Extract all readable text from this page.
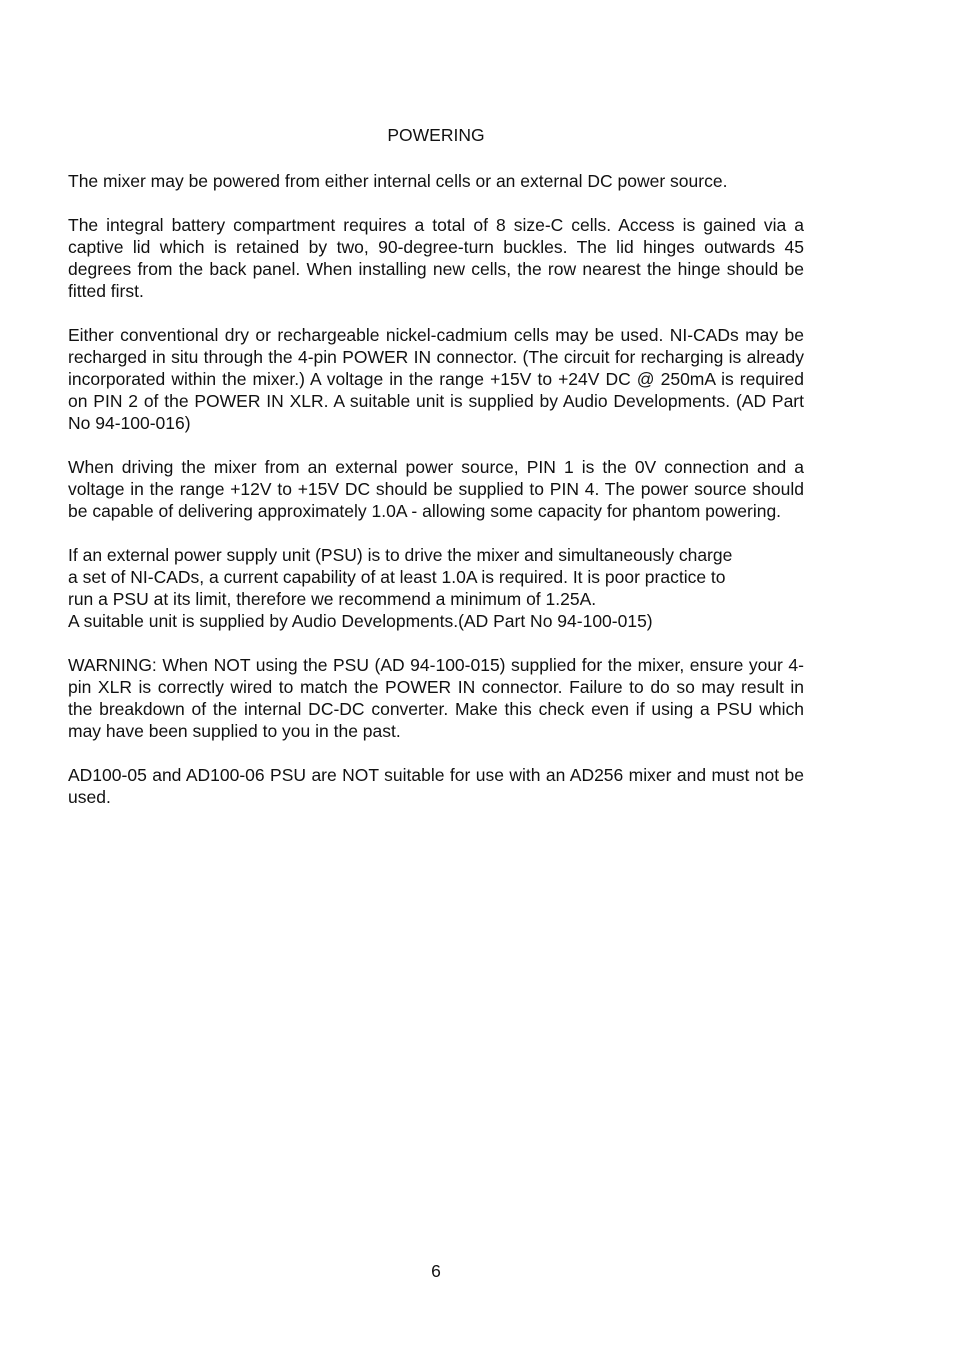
POWERING

The mixer may be powered from either internal cells or an external DC power source.

The integral battery compartment requires a total of 8 size-C cells. Access is gained via a captive lid which is retained by two, 90-degree-turn buckles. The lid hinges outwards 45 degrees from the back panel. When installing new cells, the row nearest the hinge should be fitted first.

Either conventional dry or rechargeable nickel-cadmium cells may be used. NI-CADs may be recharged in situ through the 4-pin POWER IN connector. (The circuit for recharging is already incorporated within the mixer.) A voltage in the range +15V to +24V DC @ 250mA is required on PIN 2 of the POWER IN XLR. A suitable unit is supplied by Audio Developments. (AD Part No 94-100-016)

When driving the mixer from an external power source, PIN 1 is the 0V connection and a voltage in the range +12V to +15V DC should be supplied to PIN 4. The power source should be capable of delivering approximately 1.0A - allowing some capacity for phantom powering.

If an external power supply unit (PSU) is to drive the mixer and simultaneously charge
a set of NI-CADs, a current capability of at least 1.0A is required. It is poor practice to
run a PSU at its limit, therefore we recommend a minimum of 1.25A.
A suitable unit is supplied by Audio Developments.(AD Part No 94-100-015)

WARNING: When NOT using the PSU (AD 94-100-015) supplied for the mixer, ensure your 4-pin XLR is correctly wired to match the POWER IN connector. Failure to do so may result in the breakdown of the internal DC-DC converter. Make this check even if using a PSU which may have been supplied to you in the past.

AD100-05 and AD100-06 PSU are NOT suitable for use with an AD256 mixer and must not be used.

6
